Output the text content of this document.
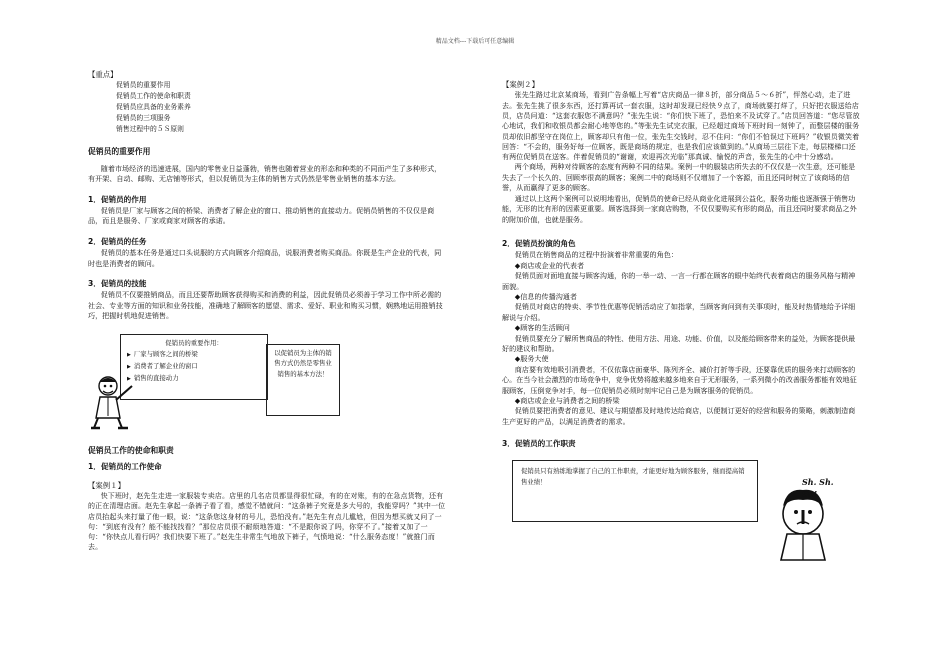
精品文档---下载后可任意编辑

【重点】

促销员的重要作用

促销员工作的使命和职责

促销员应具备的业务素养

促销员的三项服务

销售过程中的５Ｓ原则

促销员的重要作用

随着市场经济的迅速进展，国内的零售业日益蓬勃，销售也随着营业的形态和种类的不同而产生了多种形式，有开架、自动、邮购、无店铺等形式，但以促销员为主体的销售方式仍然是零售业销售的基本方法。

1．促销员的作用

促销员是厂家与顾客之间的桥梁、消费者了解企业的窗口、推动销售的直接动力。促销员销售的不仅仅是商品，而且是服务、厂家或商家对顾客的承诺。

2．促销员的任务

促销员的基本任务是通过口头说服的方式向顾客介绍商品，说服消费者购买商品。你既是生产企业的代表，同时也是消费者的顾问。

3．促销员的技能

促销员不仅要推销商品，而且还要帮助顾客获得购买和消费的利益，因此促销员必须善于学习工作中所必需的社会、专业等方面的知识和业务技能，准确地了解顾客的愿望、需求、爱好、职业和购买习惯，娴熟地运用推销技巧，把握时机地促进销售。

促销员的重要作用：

▶ 厂家与顾客之间的桥梁

▶ 消费者了解企业的窗口

▶ 销售的直接动力

以促销员为主体的销售方式仍然是零售业销售的基本方法！

促销员工作的使命和职责

1．促销员的工作使命

【案例１】

快下班时，赵先生走进一家服装专卖店。店里的几名店员都显得很忙碌，有的在对账，有的在急点货物，还有的正在清理店面。赵先生拿起一条裤子看了看，感觉不错就问：“这条裤子究竟是多大号的，我能穿吗？”其中一位店员抬起头来打量了他一眼，说：“这条您这身材的号儿，恐怕没有。”赵先生有点儿尴尬，但因为想买就又问了一句：“到底有没有？能不能找找看？”那位店员很不耐烦地答道：“不是跟你说了吗，你穿不了。”接着又加了一句：“你快点儿看行吗？我们快要下班了。”赵先生非常生气地放下裤子，气愤地说：“什么服务态度！”就推门而去。

【案例２】

张先生路过北京某商场，看到广告条幅上写着“店庆商品一律８折，部分商品５～６折”，怦然心动，走了进去。张先生挑了很多东西，还打算再试一套衣服，这时却发现已经快９点了，商场就要打烊了，只好把衣服送给店员，店员问道：“这套衣服您不满意吗？”张先生说：“你们快下班了，恐怕来不及试穿了。”店员回答道：“您尽管放心地试，我们和收银员都会耐心地等您的。”等张先生试完衣服，已经超过商场下班时间一刻钟了，而整层楼的服务员却依旧都坚守在岗位上，顾客却只有他一位，张先生交钱时，忍不住问：“你们不怕误过下班吗？”收银员微笑着回答：“不会的，服务好每一位顾客，既是商场的规定，也是我们应该做到的。”从商场三层往下走，每层楼梯口还有两位促销员在送客。伴着促销员的“谢谢，欢迎再次光临”那真诚、愉悦的声音，张先生的心中十分感动。

两个商场，两种对待顾客的态度有两种不同的结果。案例一中的服装店所失去的不仅仅是一次生意，还可能是失去了一个长久的、回顾率很高的顾客；案例二中的商场则不仅增加了一个客源，而且还同时树立了该商场的信誉，从而赢得了更多的顾客。

通过以上这两个案例可以说明地看出，促销员的使命已经从商业化进展到公益化，服务功能也逐渐强于销售功能，无形的比有形的因素更重要。顾客选择到一家商店购物，不仅仅要购买有形的商品，而且还同时要求商品之外的附加价值，也就是服务。

2．促销员扮演的角色

促销员在销售商品的过程中扮演着非常重要的角色：

◆商店或企业的代表者

促销员面对面地直接与顾客沟通，你的一举一动、一言一行都在顾客的眼中始终代表着商店的服务风格与精神面貌。

◆信息的传播沟通者

促销员对商店的特卖、季节性优惠等促销活动应了如指掌，当顾客询问到有关事项时，能及时热情地给予详细解说与介绍。

◆顾客的生活顾问

促销员要充分了解所售商品的特性、使用方法、用途、功能、价值，以及能给顾客带来的益处，为顾客提供最好的建议和帮助。

◆服务大使

商店要有效地吸引消费者，不仅依靠店面豪华、陈列齐全、减价打折等手段，还要靠优质的服务来打动顾客的心。在当今社会激烈的市场竞争中，竞争优势将越来越多地来自于无形服务，一系列微小的改善服务都能有效地征服顾客，压倒竞争对手，每一位促销员必须时刻牢记自己是为顾客服务的促销员。

◆商店或企业与消费者之间的桥梁

促销员要把消费者的意见、建议与期望都及时地传达给商店，以便制订更好的经营和服务的策略，刺激制造商生产更好的产品，以满足消费者的需求。

3．促销员的工作职责

促销员只有熟练地掌握了自己的工作职责，才能更好地为顾客服务，继而提高销售业绩！	Sh. Sh. Sh!
